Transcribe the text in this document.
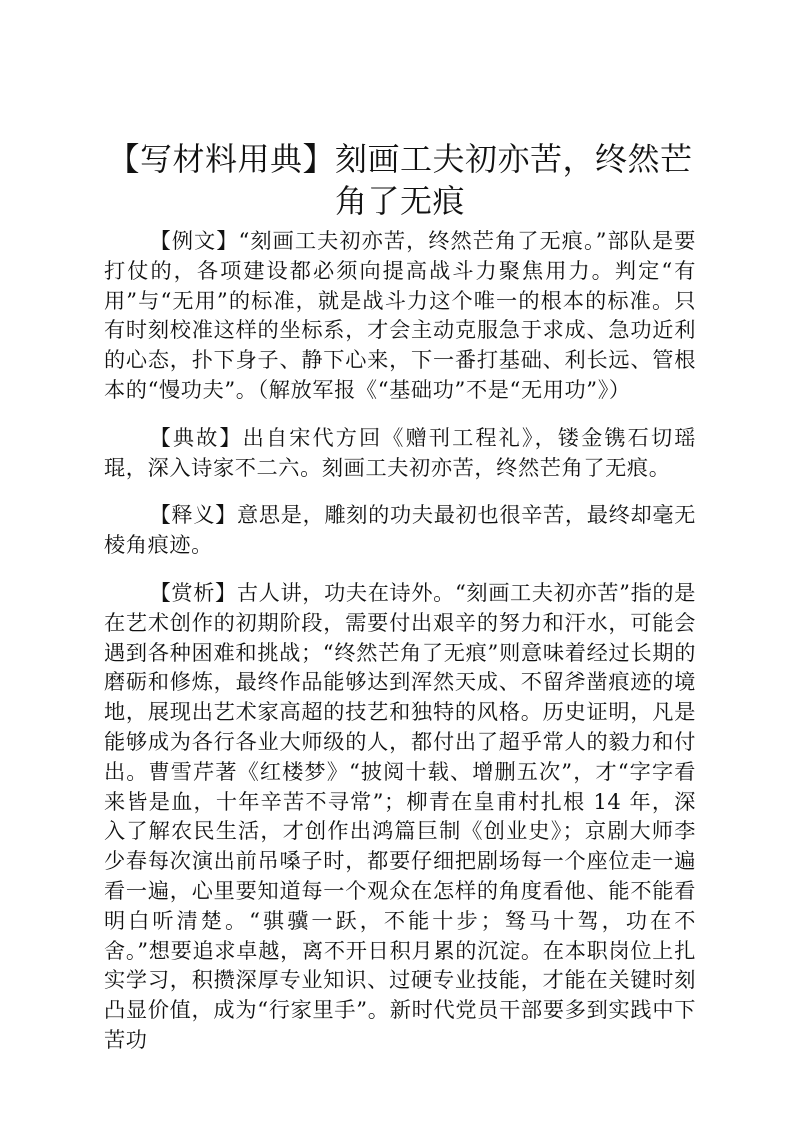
【写材料用典】刻画工夫初亦苦，终然芒角了无痕

【例文】“刻画工夫初亦苦，终然芒角了无痕。”部队是要打仗的，各项建设都必须向提高战斗力聚焦用力。判定“有用”与“无用”的标准，就是战斗力这个唯一的根本的标准。只有时刻校准这样的坐标系，才会主动克服急于求成、急功近利的心态，扑下身子、静下心来，下一番打基础、利长远、管根本的“慢功夫”。（解放军报《“基础功”不是“无用功”》）

【典故】出自宋代方回《赠刊工程礼》，镂金镌石切瑶琨，深入诗家不二六。刻画工夫初亦苦，终然芒角了无痕。

【释义】意思是，雕刻的功夫最初也很辛苦，最终却毫无棱角痕迹。

【赏析】古人讲，功夫在诗外。“刻画工夫初亦苦”指的是在艺术创作的初期阶段，需要付出艰辛的努力和汗水，可能会遇到各种困难和挑战；“终然芒角了无痕”则意味着经过长期的磨砺和修炼，最终作品能够达到浑然天成、不留斧凿痕迹的境地，展现出艺术家高超的技艺和独特的风格。历史证明，凡是能够成为各行各业大师级的人，都付出了超乎常人的毅力和付出。曹雪芹著《红楼梦》“披阅十载、增删五次”，才“字字看来皆是血，十年辛苦不寻常”；柳青在皇甫村扎根 14 年，深入了解农民生活，才创作出鸿篇巨制《创业史》；京剧大师李少春每次演出前吊嗓子时，都要仔细把剧场每一个座位走一遍看一遍，心里要知道每一个观众在怎样的角度看他、能不能看明白听清楚。“骐骥一跃，不能十步；驽马十驾，功在不舍。”想要追求卓越，离不开日积月累的沉淀。在本职岗位上扎实学习，积攒深厚专业知识、过硬专业技能，才能在关键时刻凸显价值，成为“行家里手”。新时代党员干部要多到实践中下苦功
